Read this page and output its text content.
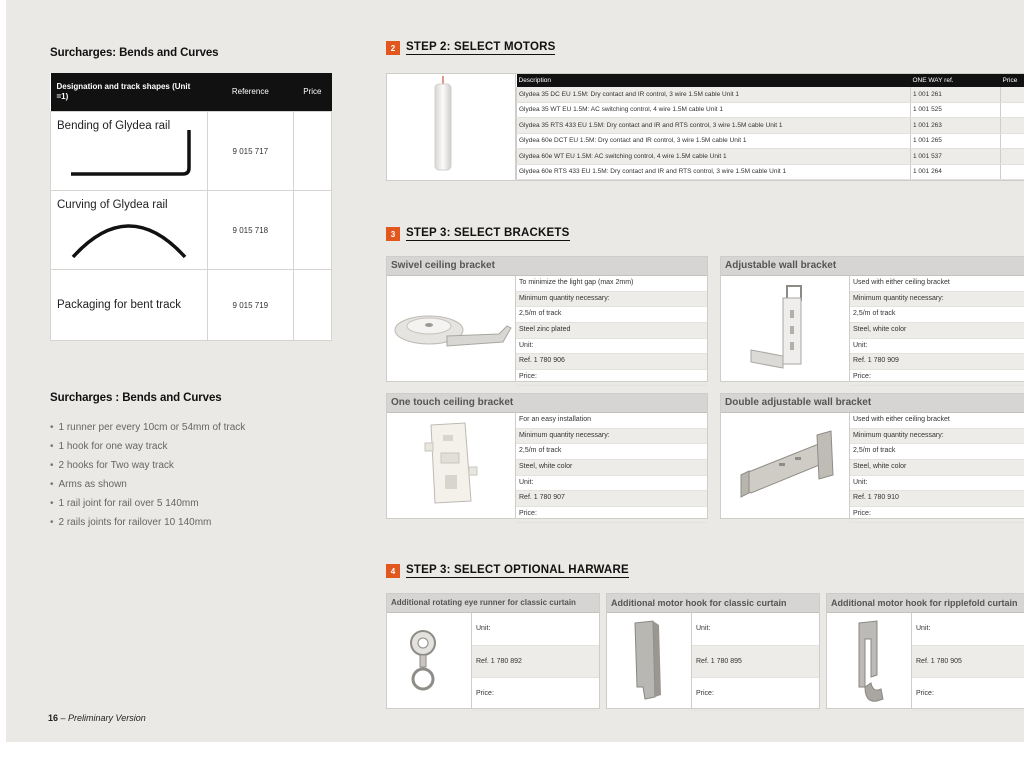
Surcharges: Bends and Curves
Designation and track shapes (Unit =1)	Reference	Price
Bending of Glydea rail	9 015 717	
Curving of Glydea rail	9 015 718	
Packaging for bent track	9 015 719	
Surcharges : Bends and Curves
• 1 runner per every 10cm or 54mm of track
• 1 hook for one way track
• 2 hooks for Two way track
• Arms as shown
• 1 rail joint for rail over 5 140mm
• 2 rails joints for railover 10 140mm
16 – Preliminary Version
2 STEP 2: SELECT MOTORS
Description	ONE WAY ref.	Price
Glydea 35 DC EU 1.5M: Dry contact and IR control, 3 wire 1.5M cable Unit 1	1 001 261	
Glydea 35 WT EU 1.5M: AC switching control, 4 wire 1.5M cable Unit 1	1 001 525	
Glydea 35 RTS 433 EU 1.5M: Dry contact and IR and RTS control, 3 wire 1.5M cable Unit 1	1 001 263	
Glydea 60e DCT EU 1.5M: Dry contact and IR control, 3 wire 1.5M cable Unit 1	1 001 265	
Glydea 60e WT EU 1.5M: AC switching control, 4 wire 1.5M cable Unit 1	1 001 537	
Glydea 60e RTS 433 EU 1.5M: Dry contact and IR and RTS control, 3 wire 1.5M cable Unit 1	1 001 264	
3 STEP 3: SELECT BRACKETS
Swivel ceiling bracket
To minimize the light gap (max 2mm)
Minimum quantity necessary:
2,5/m of track
Steel zinc plated
Unit:
Ref. 1 780 906
Price:
Adjustable wall bracket
Used with either ceiling bracket
Minimum quantity necessary:
2,5/m of track
Steel, white color
Unit:
Ref. 1 780 909
Price:
One touch ceiling bracket
For an easy installation
Minimum quantity necessary:
2,5/m of track
Steel, white color
Unit:
Ref. 1 780 907
Price:
Double adjustable wall bracket
Used with either ceiling bracket
Minimum quantity necessary:
2,5/m of track
Steel, white color
Unit:
Ref. 1 780 910
Price:
4 STEP 3: SELECT OPTIONAL HARWARE
Additional rotating eye runner for classic curtain
Unit:
Ref. 1 780 892
Price:
Additional motor hook for classic curtain
Unit:
Ref. 1 780 895
Price:
Additional motor hook for ripplefold curtain
Unit:
Ref. 1 780 905
Price:
